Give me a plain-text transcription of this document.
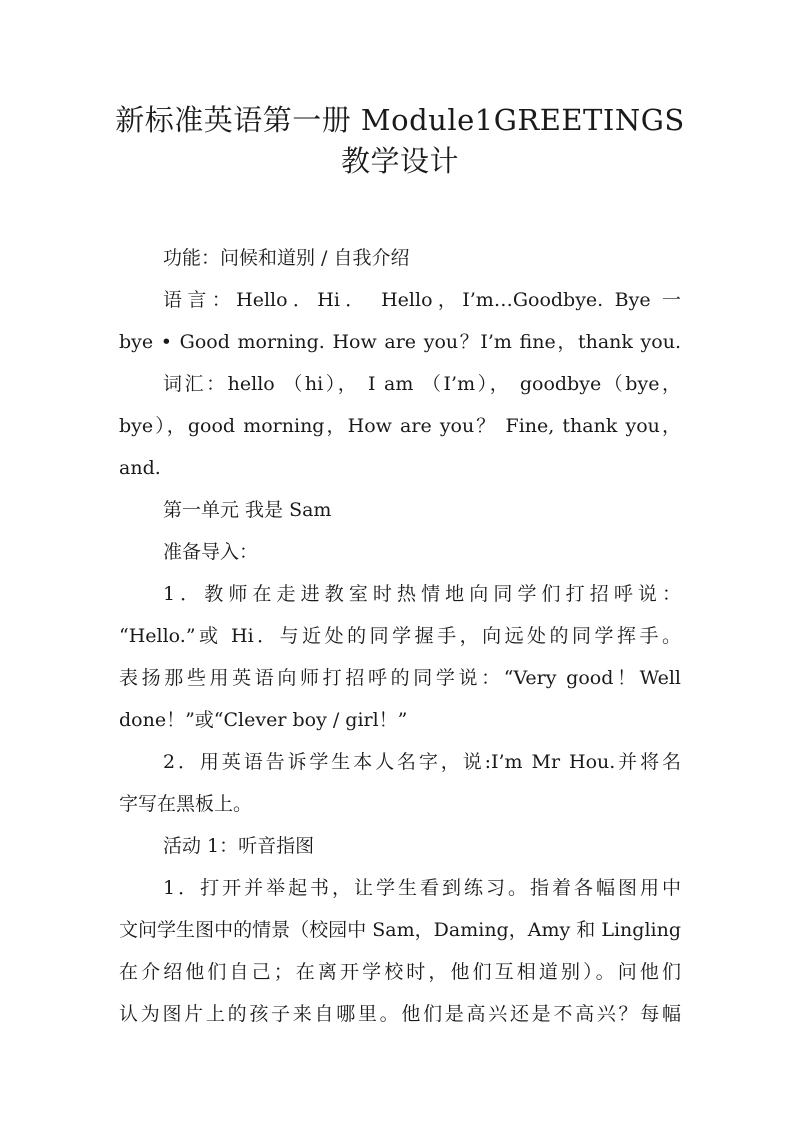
新标准英语第一册 Module1GREETINGS
教学设计
功能：问候和道别 / 自我介绍
语言：Hello．Hi． Hello，I’m…Goodbye. Bye 一
bye • Good morning. How are you？I’m fine，thank you.
词汇：hello （hi）， I am （I’m）， goodbye（bye，
bye），good morning，How are you？ Fine, thank you，
and.
第一单元 我是 Sam
准备导入：
1．教师在走进教室时热情地向同学们打招呼说：
“Hello.”或 Hi．与近处的同学握手，向远处的同学挥手。
表扬那些用英语向师打招呼的同学说：“Very good！Well
done！”或“Clever boy / girl！”
2．用英语告诉学生本人名字，说:I’m Mr Hou.并将名
字写在黑板上。
活动 1：听音指图
1．打开并举起书，让学生看到练习。指着各幅图用中
文问学生图中的情景（校园中 Sam，Daming，Amy 和 Lingling
在介绍他们自己；在离开学校时，他们互相道别）。问他们
认为图片上的孩子来自哪里。他们是高兴还是不高兴？每幅
